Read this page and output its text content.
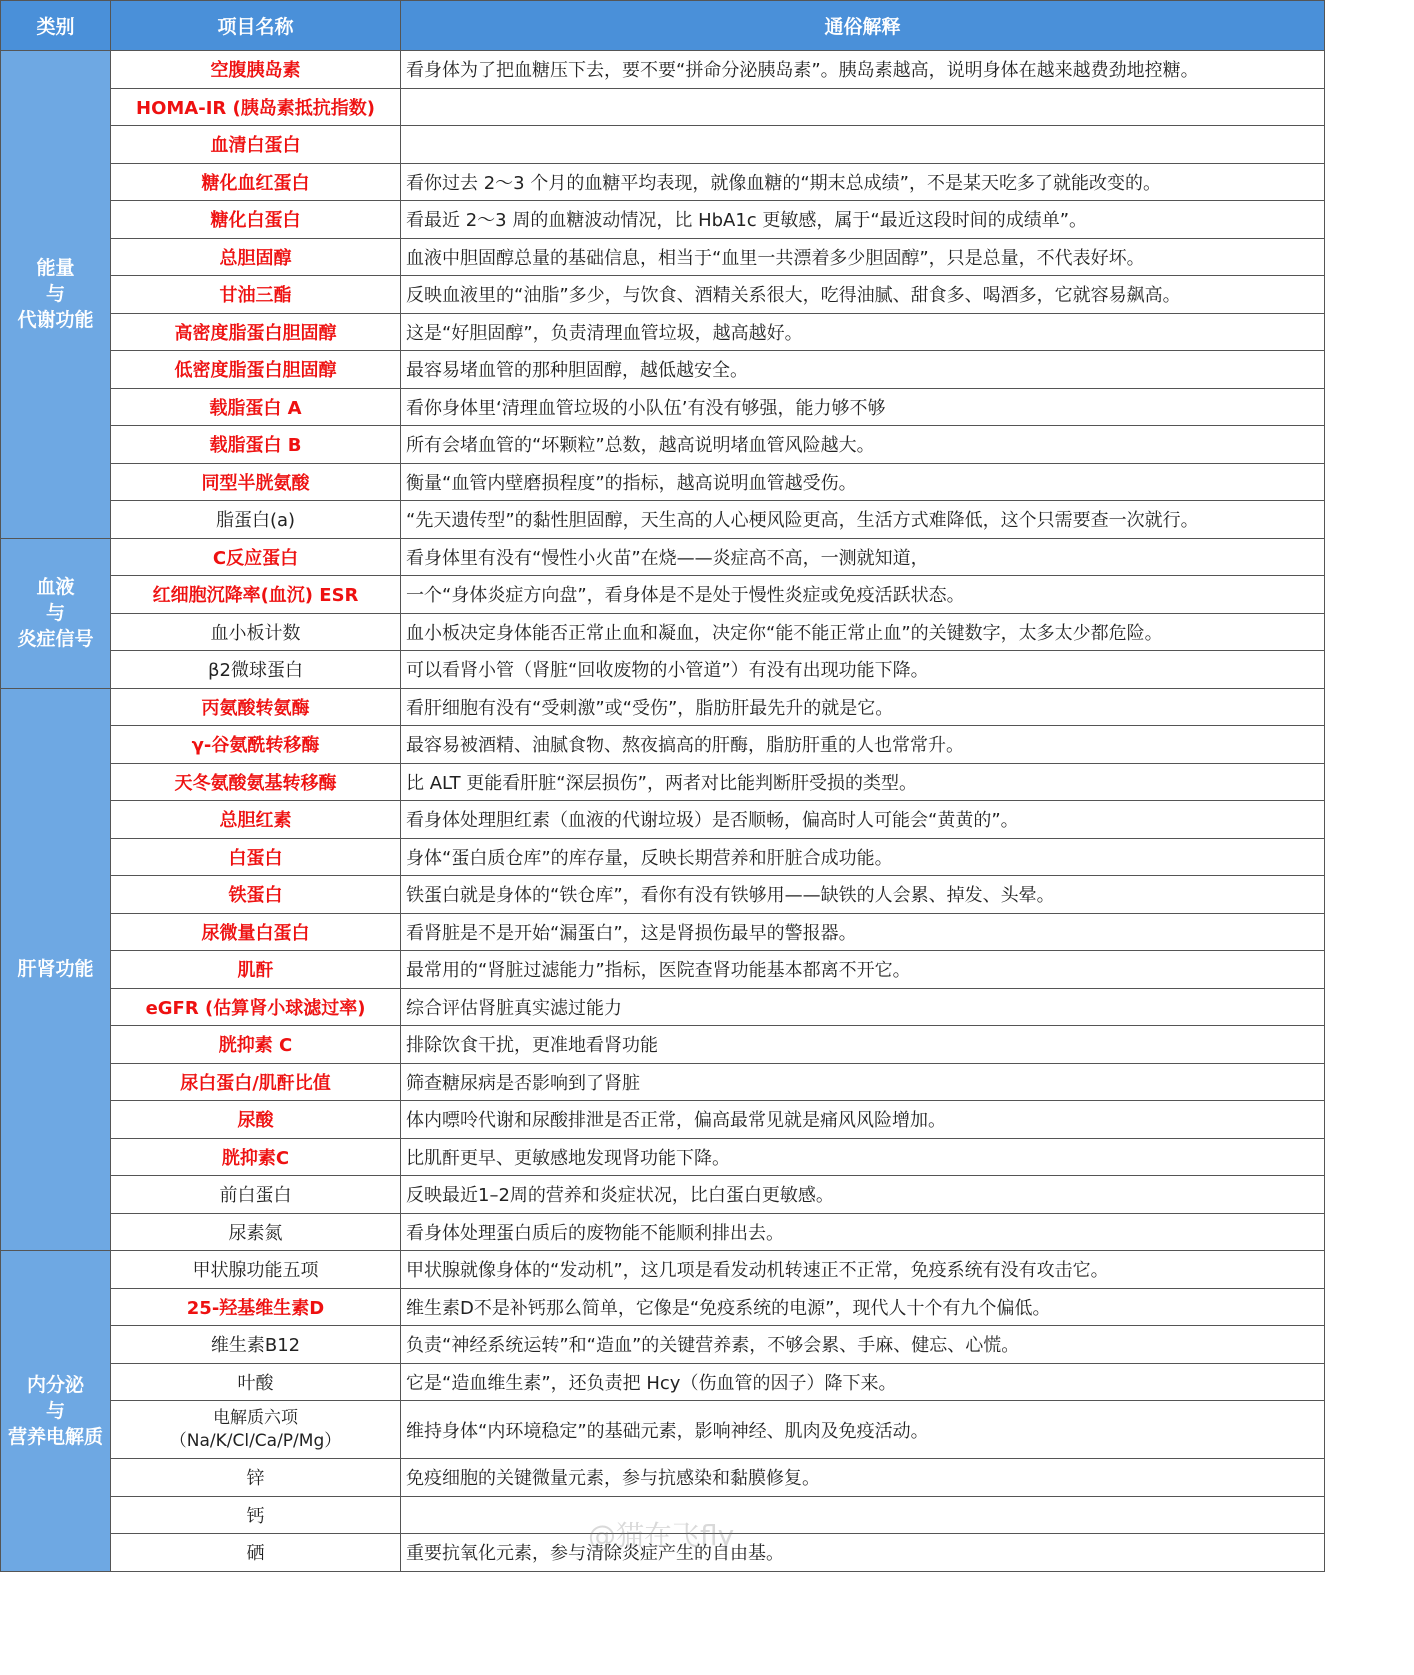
类别	项目名称	通俗解释

能量
与
代谢功能	空腹胰岛素	看身体为了把血糖压下去，要不要“拼命分泌胰岛素”。胰岛素越高，说明身体在越来越费劲地控糖。
	HOMA-IR (胰岛素抵抗指数)	
	血清白蛋白	
	糖化血红蛋白	看你过去 2～3 个月的血糖平均表现，就像血糖的“期末总成绩”，不是某天吃多了就能改变的。
	糖化白蛋白	看最近 2～3 周的血糖波动情况，比 HbA1c 更敏感，属于“最近这段时间的成绩单”。
	总胆固醇	血液中胆固醇总量的基础信息，相当于“血里一共漂着多少胆固醇”，只是总量，不代表好坏。
	甘油三酯	反映血液里的“油脂”多少，与饮食、酒精关系很大，吃得油腻、甜食多、喝酒多，它就容易飙高。
	高密度脂蛋白胆固醇	这是“好胆固醇”，负责清理血管垃圾，越高越好。
	低密度脂蛋白胆固醇	最容易堵血管的那种胆固醇，越低越安全。
	载脂蛋白 A	看你身体里‘清理血管垃圾的小队伍’有没有够强，能力够不够
	载脂蛋白 B	所有会堵血管的“坏颗粒”总数，越高说明堵血管风险越大。
	同型半胱氨酸	衡量“血管内壁磨损程度”的指标，越高说明血管越受伤。
	脂蛋白(a)	“先天遗传型”的黏性胆固醇，天生高的人心梗风险更高，生活方式难降低，这个只需要查一次就行。

血液
与
炎症信号	C反应蛋白	看身体里有没有“慢性小火苗”在烧——炎症高不高，一测就知道，
	红细胞沉降率(血沉) ESR	一个“身体炎症方向盘”，看身体是不是处于慢性炎症或免疫活跃状态。
	血小板计数	血小板决定身体能否正常止血和凝血，决定你“能不能正常止血”的关键数字，太多太少都危险。
	β2微球蛋白	可以看肾小管（肾脏“回收废物的小管道”）有没有出现功能下降。

肝肾功能	丙氨酸转氨酶	看肝细胞有没有“受刺激”或“受伤”，脂肪肝最先升的就是它。
	γ-谷氨酰转移酶	最容易被酒精、油腻食物、熬夜搞高的肝酶，脂肪肝重的人也常常升。
	天冬氨酸氨基转移酶	比 ALT 更能看肝脏“深层损伤”，两者对比能判断肝受损的类型。
	总胆红素	看身体处理胆红素（血液的代谢垃圾）是否顺畅，偏高时人可能会“黄黄的”。
	白蛋白	身体“蛋白质仓库”的库存量，反映长期营养和肝脏合成功能。
	铁蛋白	铁蛋白就是身体的“铁仓库”，看你有没有铁够用——缺铁的人会累、掉发、头晕。
	尿微量白蛋白	看肾脏是不是开始“漏蛋白”，这是肾损伤最早的警报器。
	肌酐	最常用的“肾脏过滤能力”指标，医院查肾功能基本都离不开它。
	eGFR (估算肾小球滤过率)	综合评估肾脏真实滤过能力
	胱抑素 C	排除饮食干扰，更准地看肾功能
	尿白蛋白/肌酐比值	筛查糖尿病是否影响到了肾脏
	尿酸	体内嘌呤代谢和尿酸排泄是否正常，偏高最常见就是痛风风险增加。
	胱抑素C	比肌酐更早、更敏感地发现肾功能下降。
	前白蛋白	反映最近1–2周的营养和炎症状况，比白蛋白更敏感。
	尿素氮	看身体处理蛋白质后的废物能不能顺利排出去。

内分泌
与
营养电解质	甲状腺功能五项	甲状腺就像身体的“发动机”，这几项是看发动机转速正不正常，免疫系统有没有攻击它。
	25-羟基维生素D	维生素D不是补钙那么简单，它像是“免疫系统的电源”，现代人十个有九个偏低。
	维生素B12	负责“神经系统运转”和“造血”的关键营养素，不够会累、手麻、健忘、心慌。
	叶酸	它是“造血维生素”，还负责把 Hcy（伤血管的因子）降下来。

	电解质六项
（Na/K/Cl/Ca/P/Mg）	维持身体“内环境稳定”的基础元素，影响神经、肌肉及免疫活动。
	锌	免疫细胞的关键微量元素，参与抗感染和黏膜修复。
	钙	
	硒	重要抗氧化元素，参与清除炎症产生的自由基。
@猫在飞fly
